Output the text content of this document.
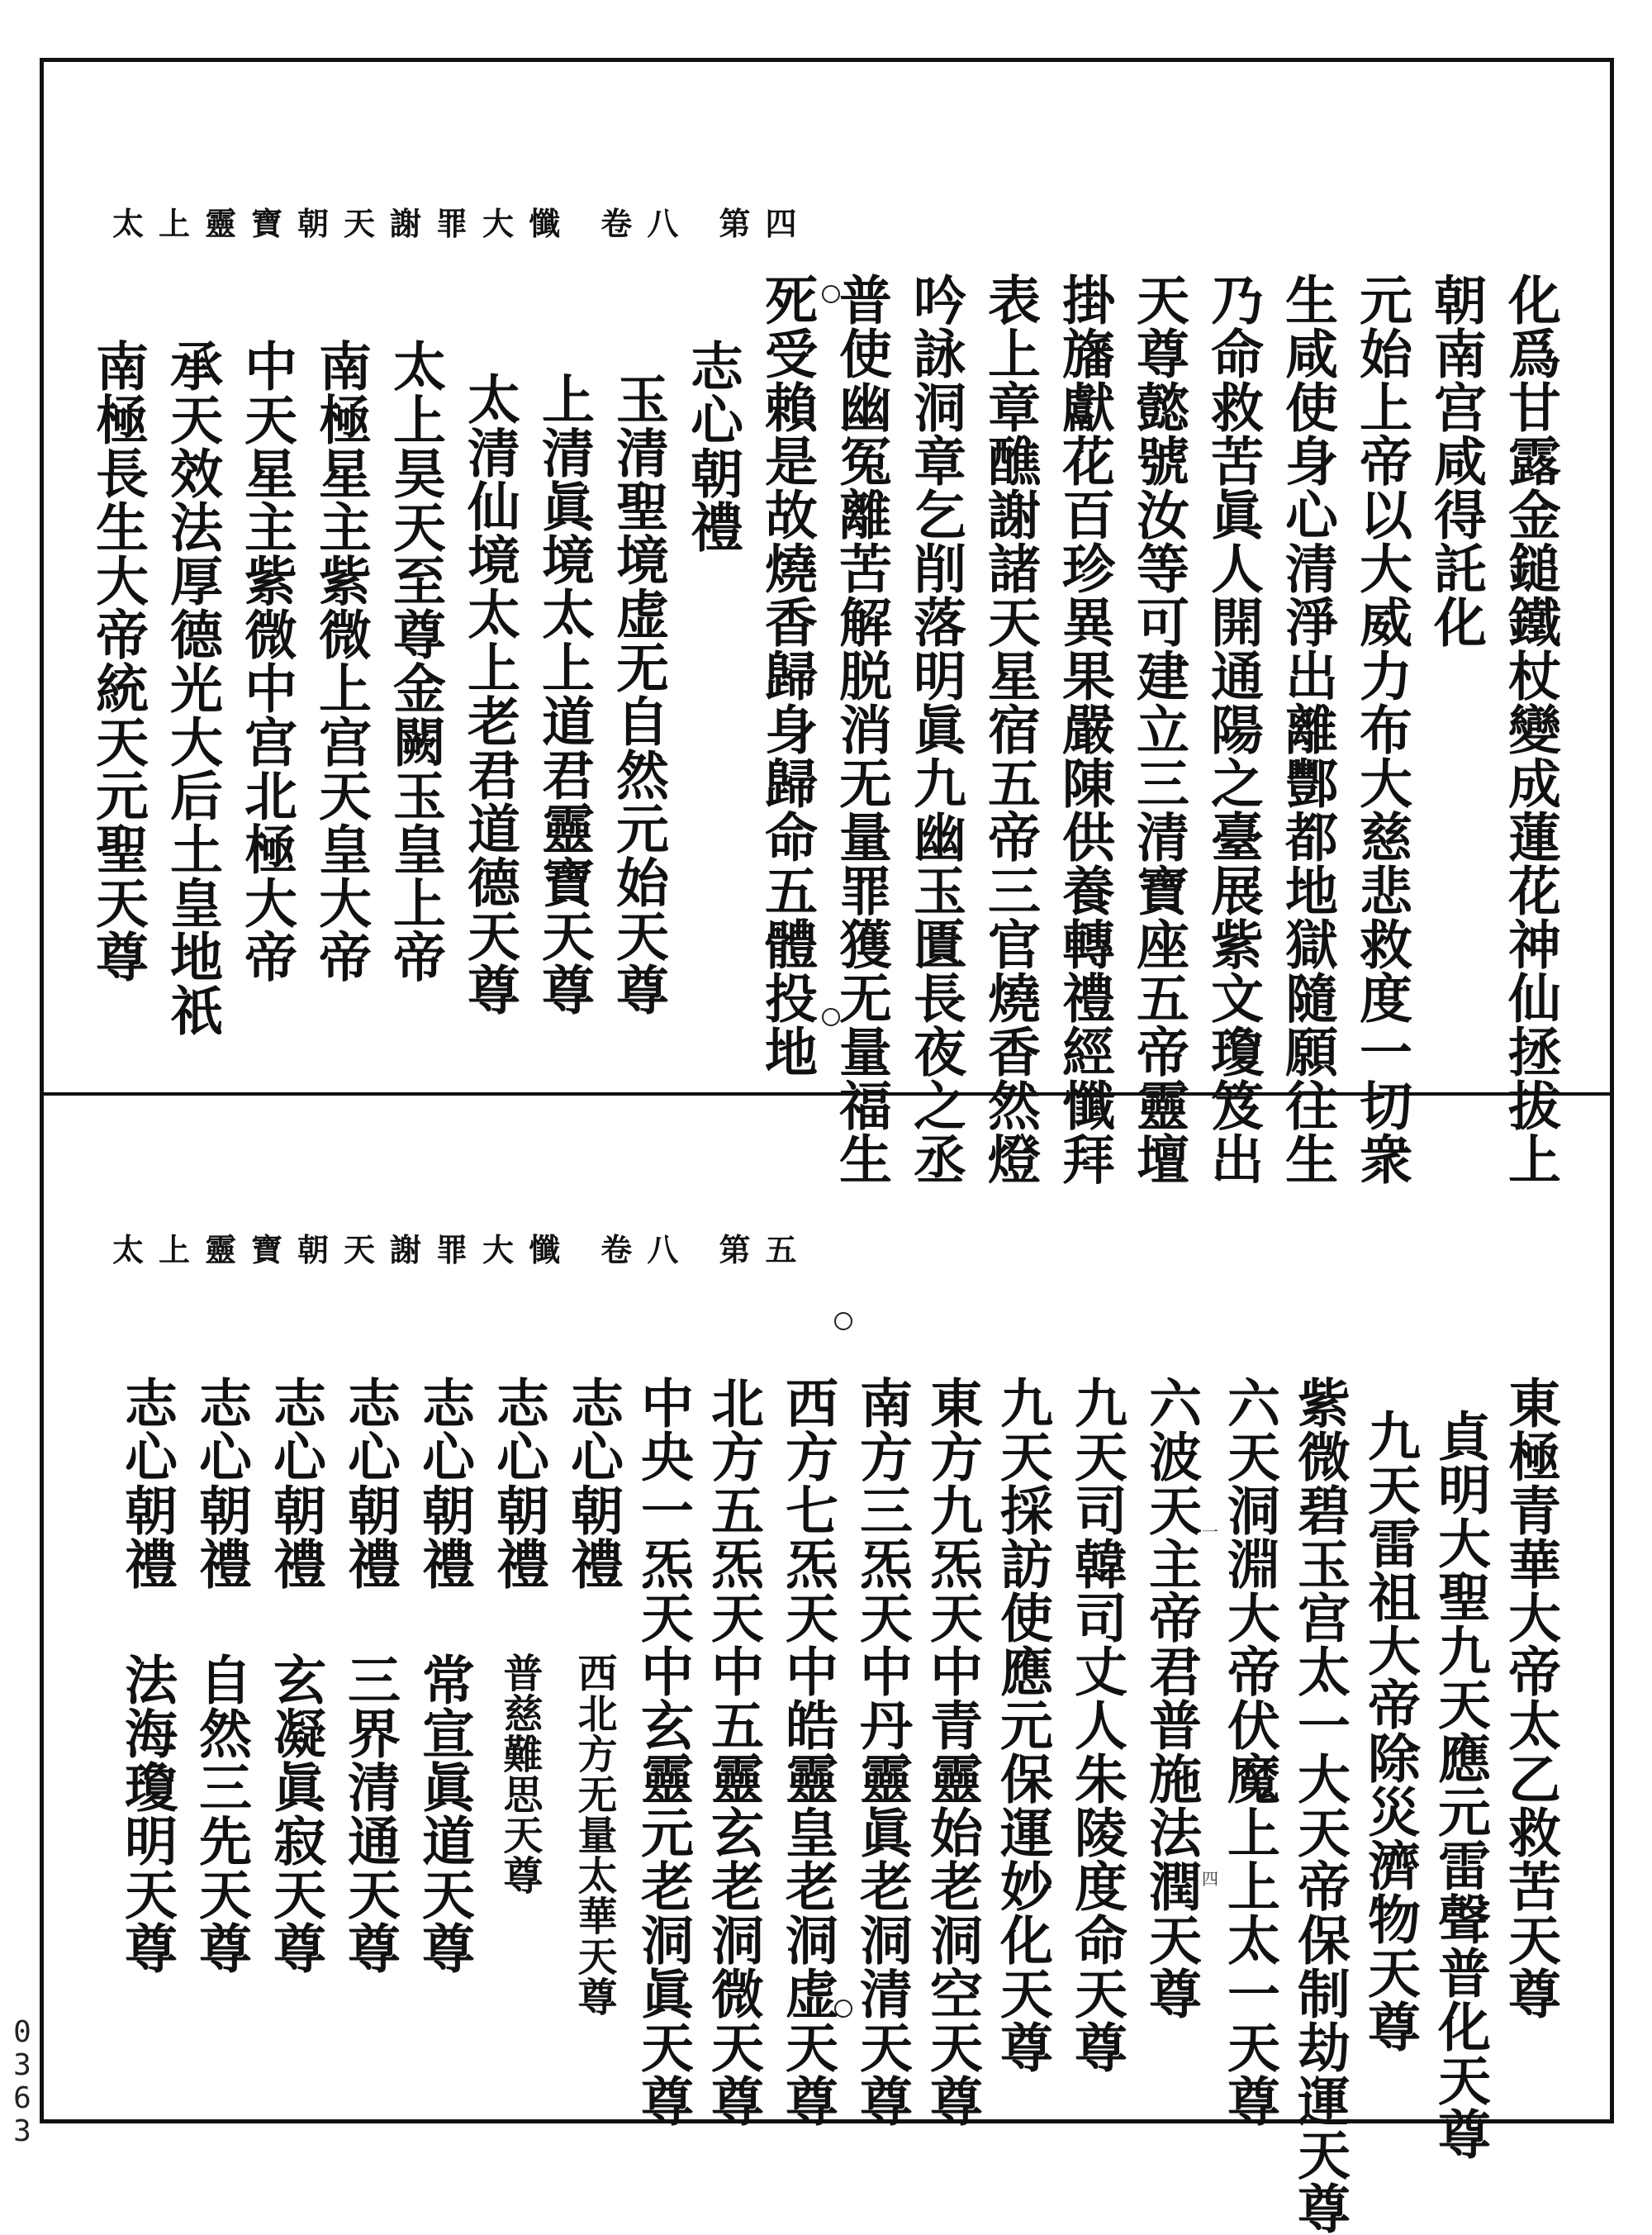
太上靈寶朝天謝罪大懺 卷八 第四
化爲甘露金鎚鐵杖變成蓮花神仙拯拔上
朝南宫咸得託化
元始上帝以大威力布大慈悲救度一切衆
生咸使身心清淨出離酆都地獄隨願往生
乃命救苦眞人開通陽之臺展紫文瓊笈出
天尊懿號汝等可建立三清寶座五帝靈壇
掛旛獻花百珍異果嚴陳供養轉禮經懺拜
表上章醮謝諸天星宿五帝三官燒香然燈
吟詠洞章乞削落明眞九幽玉匱長夜之丞
普使幽冤離苦解脱消无量罪獲无量福生
死受賴是故燒香歸身歸命五體投地
志心朝禮
玉清聖境虚无自然元始天尊
上清眞境太上道君靈寶天尊
太清仙境太上老君道德天尊
太上昊天至尊金闕玉皇上帝
南極星主紫微上宫天皇大帝
中天星主紫微中宫北極大帝
承天效法厚德光大后土皇地祇
南極長生大帝統天元聖天尊
太上靈寶朝天謝罪大懺 卷八 第五
一
四	東極青華大帝太乙救苦天尊
貞明大聖九天應元雷聲普化天尊
九天雷祖大帝除災濟物天尊
紫微碧玉宫太一大天帝保制劫運天尊
六天洞淵大帝伏魔上上太一天尊
六波天主帝君普施法潤天尊
九天司韓司丈人朱陵度命天尊
九天採訪使應元保運妙化天尊
東方九炁天中青靈始老洞空天尊
南方三炁天中丹靈眞老洞清天尊
西方七炁天中皓靈皇老洞虚天尊
北方五炁天中五靈玄老洞微天尊
中央一炁天中玄靈元老洞眞天尊
志心朝禮
西北方无量太華天尊
志心朝禮
普慈難思天尊
志心朝禮
常宣眞道天尊
志心朝禮
三界清通天尊
志心朝禮
玄凝眞寂天尊
志心朝禮
自然三先天尊
志心朝禮
法海瓊明天尊
0
3
6
3
